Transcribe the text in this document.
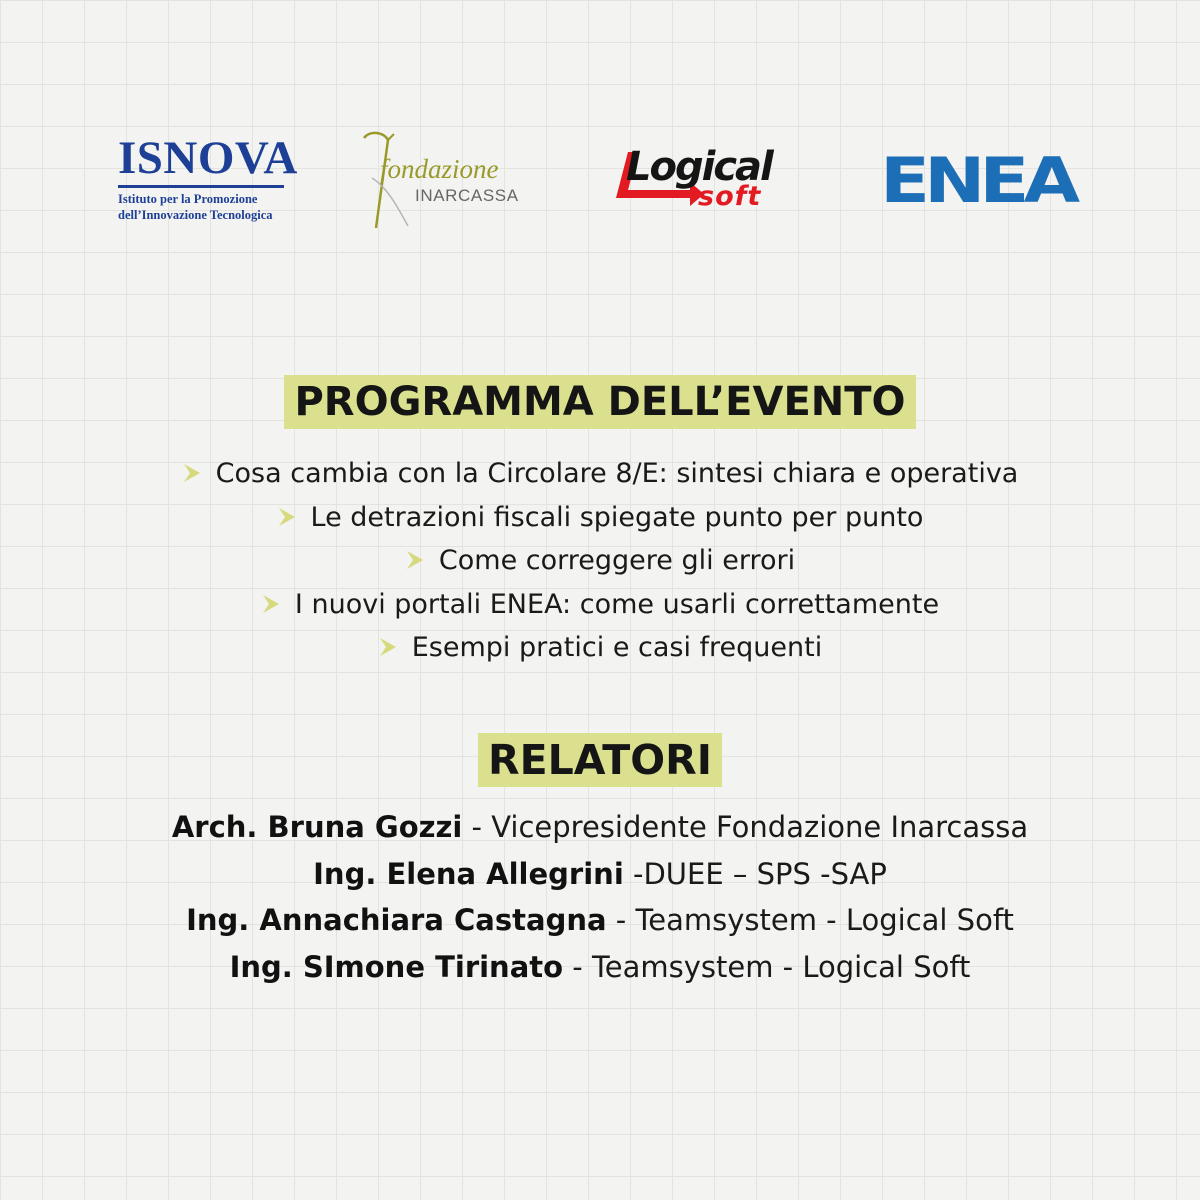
ISNOVA
Istituto per la Promozione
dell’Innovazione Tecnologica
fondazione
INARCASSA
Logical
soft ENEA
PROGRAMMA DELL’EVENTO
Cosa cambia con la Circolare 8/E: sintesi chiara e operativa
Le detrazioni fiscali spiegate punto per punto
Come correggere gli errori
I nuovi portali ENEA: come usarli correttamente
Esempi pratici e casi frequenti
RELATORI
Arch. Bruna Gozzi - Vicepresidente Fondazione Inarcassa
Ing. Elena Allegrini -DUEE – SPS -SAP
Ing. Annachiara Castagna - Teamsystem - Logical Soft
Ing. SImone Tirinato - Teamsystem - Logical Soft
